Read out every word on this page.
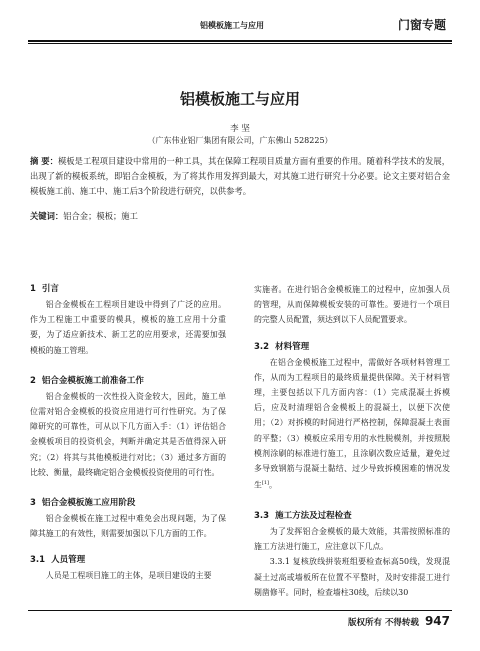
铝模板施工与应用	门窗专题
铝模板施工与应用
李 坚
（广东伟业铝厂集团有限公司，广东佛山 528225）
摘 要：模板是工程项目建设中常用的一种工具，其在保障工程项目质量方面有重要的作用。随着科学技术的发展，出现了新的模板系统，即铝合金模板，为了将其作用发挥到最大，对其施工进行研究十分必要。论文主要对铝合金模板施工前、施工中、施工后3个阶段进行研究，以供参考。
关键词：铝合金；模板；施工
1 引言

铝合金模板在工程项目建设中得到了广泛的应用。作为工程施工中重要的模具，模板的施工应用十分重要，为了适应新技术、新工艺的应用要求，还需要加强模板的施工管理。

2 铝合金模板施工前准备工作

铝合金模板的一次性投入资金较大，因此，施工单位需对铝合金模板的投资应用进行可行性研究。为了保障研究的可靠性，可从以下几方面入手：（1）评估铝合金模板项目的投资机会，判断并确定其是否值得深入研究；（2）将其与其他模板进行对比；（3）通过多方面的比较、衡量，最终确定铝合金模板投资使用的可行性。

3 铝合金模板施工应用阶段

铝合金模板在施工过程中难免会出现问题，为了保障其施工的有效性，则需要加强以下几方面的工作。

3.1 人员管理

人员是工程项目施工的主体，是项目建设的主要

实施者。在进行铝合金模板施工的过程中，应加强人员的管理，从而保障模板安装的可靠性。要进行一个项目的完整人员配置，须达到以下人员配置要求。

3.2 材料管理

在铝合金模板施工过程中，需做好各项材料管理工作，从而为工程项目的最终质量提供保障。关于材料管理，主要包括以下几方面内容：（1）完成混凝土拆模后，应及时清理铝合金模板上的混凝土，以便下次使用；（2）对拆模的时间进行严格控制，保障混凝土表面的平整；（3）模板应采用专用的水性脱模剂，并按照脱模剂涂刷的标准进行施工，且涂刷次数应适量，避免过多导致钢筋与混凝土黏结、过少导致拆模困难的情况发生[1]。

3.3 施工方法及过程检查

为了发挥铝合金模板的最大效能，其需按照标准的施工方法进行施工，应注意以下几点。

3.3.1 复核放线拼装班组要检查标高50线，发现混凝土过高或墙板所在位置不平整时，及时安排混工进行剔凿修平。同时，检查墙柱30线，后续以30

版权所有 不得转载 947
